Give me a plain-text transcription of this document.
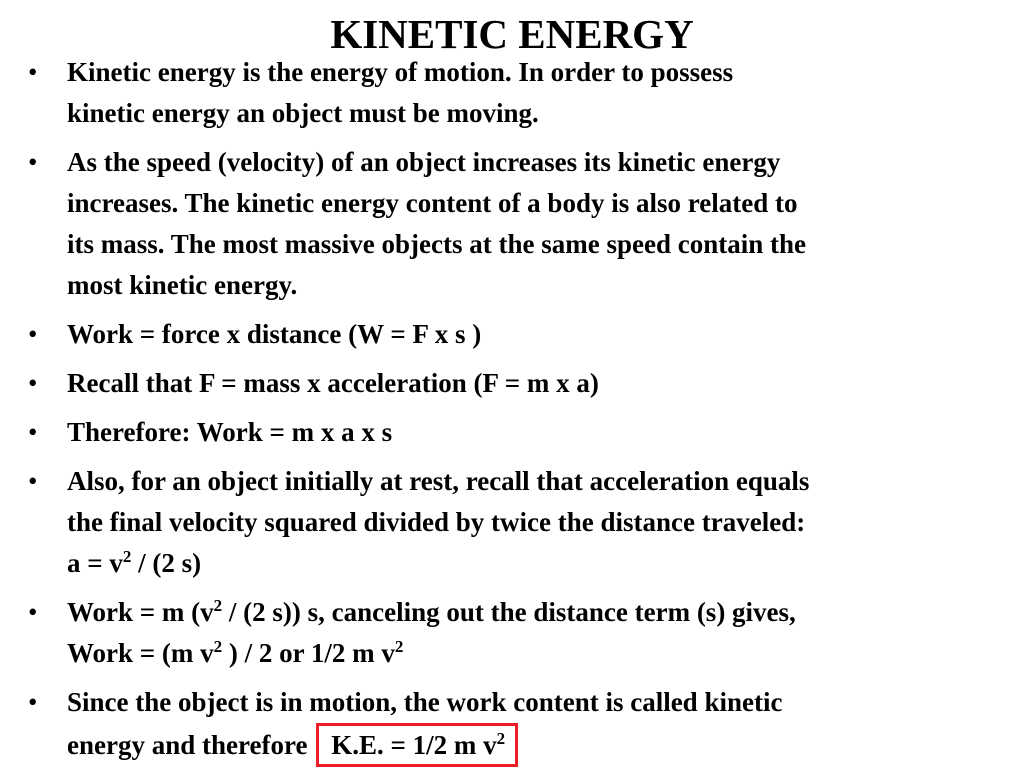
KINETIC ENERGY
• Kinetic energy is the energy of motion. In order to possess
kinetic energy an object must be moving.
• As the speed (velocity) of an object increases its kinetic energy
increases. The kinetic energy content of a body is also related to
its mass. The most massive objects at the same speed contain the
most kinetic energy.
• Work = force x distance (W = F x s )
• Recall that F = mass x acceleration (F = m x a)
• Therefore: Work = m x a x s
• Also, for an object initially at rest, recall that acceleration equals
the final velocity squared divided by twice the distance traveled:
$a = v^2 / (2$ s)
• Work = m ($v^2 / (2$ s)) s, canceling out the distance term (s) gives,
Work = (m $v^2$ ) / 2 or 1/2 m $v^2$
• Since the object is in motion, the work content is called kinetic
energy and therefore K.E. = 1/2 m $v^2$
